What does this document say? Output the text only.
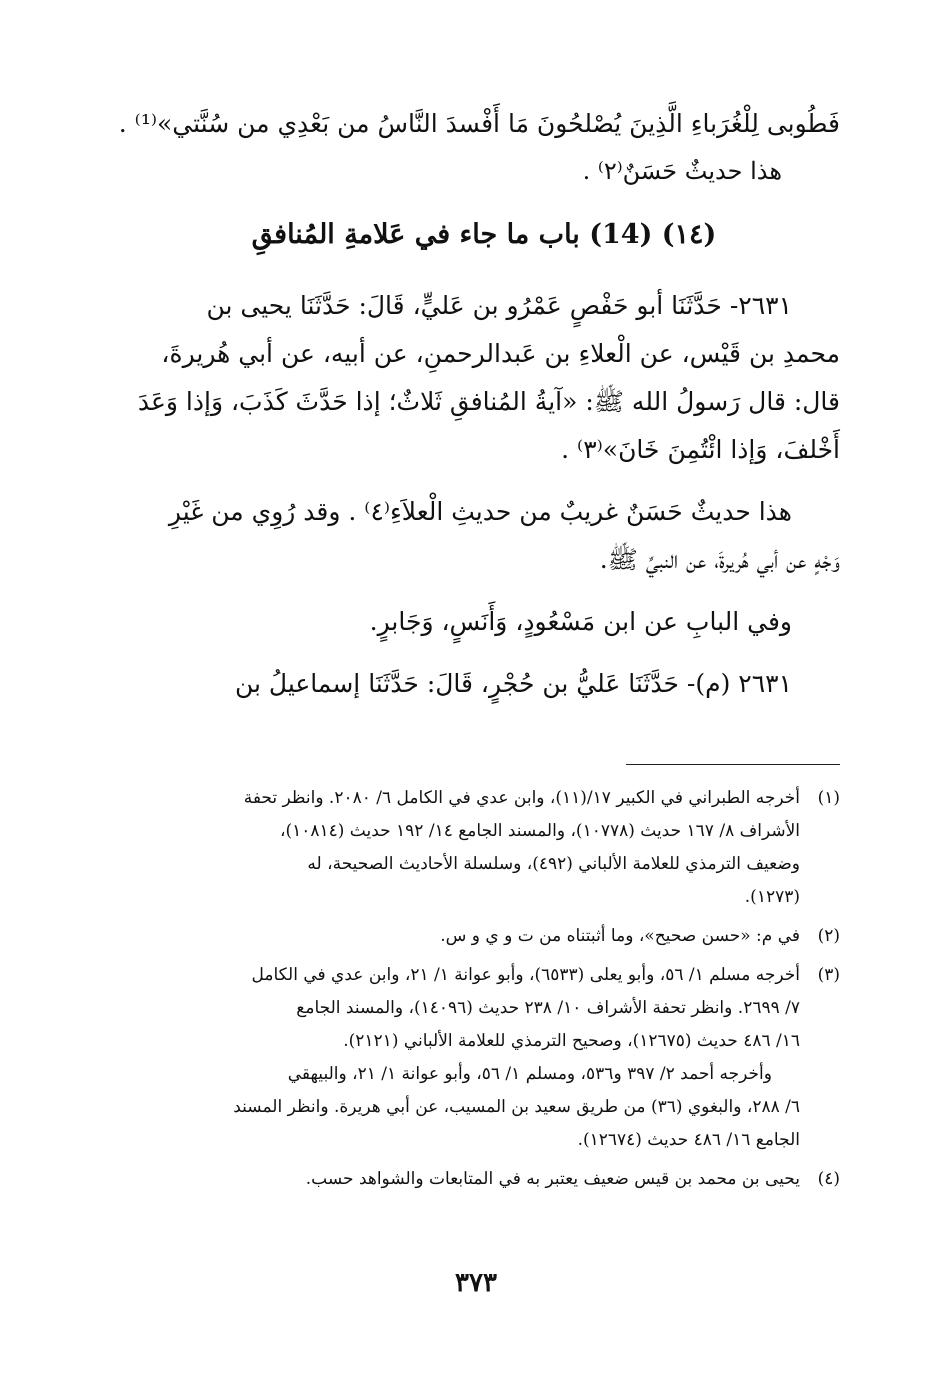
فَطُوبى لِلْغُرَباءِ الَّذِينَ يُصْلحُونَ مَا أَفْسدَ النَّاسُ من بَعْدِي من سُنَّتي»⁽¹⁾ .
هذا حديثٌ حَسَنٌ⁽٢⁾ .
(١٤) (14) باب ما جاء في عَلامةِ المُنافقِ
٢٦٣١- حَدَّثَنَا أبو حَفْصٍ عَمْرُو بن عَليٍّ، قَالَ: حَدَّثَنَا يحيى بن
محمدِ بن قَيْس، عن الْعلاءِ بن عَبدالرحمنِ، عن أبيه، عن أبي هُريرةَ،
قال: قال رَسولُ الله ﷺ: «آيةُ المُنافقِ ثَلاثٌ؛ إذا حَدَّثَ كَذَبَ، وَإذا وَعَدَ
أَخْلفَ، وَإذا ائْتُمِنَ خَانَ»⁽٣⁾ .
هذا حديثٌ حَسَنٌ غريبٌ من حديثِ الْعلاَءِ⁽٤⁾ . وقد رُوِي من غَيْرِ
وَجْهٍ عن أبي هُريرةَ، عن النبيِّ ﷺ.
وفي البابِ عن ابن مَسْعُودٍ، وَأَنَسٍ، وَجَابرٍ.
٢٦٣١ (م)- حَدَّثَنَا عَليُّ بن حُجْرٍ، قَالَ: حَدَّثَنَا إسماعيلُ بن
(١)
أخرجه الطبراني في الكبير ١٧/(١١)، وابن عدي في الكامل ٦/ ٢٠٨٠. وانظر تحفة
الأشراف ٨/ ١٦٧ حديث (١٠٧٧٨)، والمسند الجامع ١٤/ ١٩٢ حديث (١٠٨١٤)،
وضعيف الترمذي للعلامة الألباني (٤٩٢)، وسلسلة الأحاديث الصحيحة، له
(١٢٧٣).
(٢)
في م: «حسن صحيح»، وما أثبتناه من ت و ي و س.
(٣)
أخرجه مسلم ١/ ٥٦، وأبو يعلى (٦٥٣٣)، وأبو عوانة ١/ ٢١، وابن عدي في الكامل
٧/ ٢٦٩٩. وانظر تحفة الأشراف ١٠/ ٢٣٨ حديث (١٤٠٩٦)، والمسند الجامع
١٦/ ٤٨٦ حديث (١٢٦٧٥)، وصحيح الترمذي للعلامة الألباني (٢١٢١).
وأخرجه أحمد ٢/ ٣٩٧ و٥٣٦، ومسلم ١/ ٥٦، وأبو عوانة ١/ ٢١، والبيهقي
٦/ ٢٨٨، والبغوي (٣٦) من طريق سعيد بن المسيب، عن أبي هريرة. وانظر المسند
الجامع ١٦/ ٤٨٦ حديث (١٢٦٧٤).
(٤)
يحيى بن محمد بن قيس ضعيف يعتبر به في المتابعات والشواهد حسب.
٣٧٣
